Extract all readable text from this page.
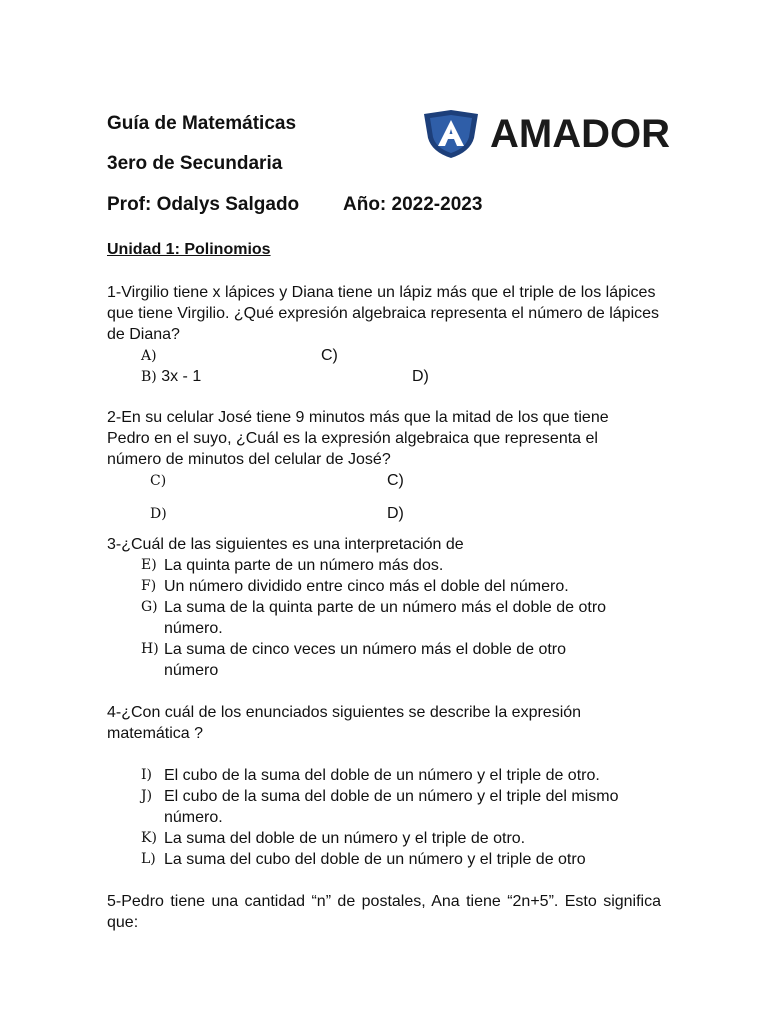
Guía de Matemáticas
3ero de Secundaria
Prof: Odalys Salgado Año: 2022-2023
AMADOR
Unidad 1: Polinomios
1-Virgilio tiene x lápices y Diana tiene un lápiz más que el triple de los lápices que tiene Virgilio. ¿Qué expresión algebraica representa el número de lápices de Diana?
A)	C)
B) 3x - 1	D)
2-En su celular José tiene 9 minutos más que la mitad de los que tiene Pedro en el suyo, ¿Cuál es la expresión algebraica que representa el número de minutos del celular de José?
C)	C)
D)	D)
3-¿Cuál de las siguientes es una interpretación de
E) La quinta parte de un número más dos.
F) Un número dividido entre cinco más el doble del número.
G) La suma de la quinta parte de un número más el doble de otro número.
H) La suma de cinco veces un número más el doble de otro número
4-¿Con cuál de los enunciados siguientes se describe la expresión matemática ?
I) El cubo de la suma del doble de un número y el triple de otro.
J) El cubo de la suma del doble de un número y el triple del mismo número.
K) La suma del doble de un número y el triple de otro.
L) La suma del cubo del doble de un número y el triple de otro
5-Pedro tiene una cantidad “n” de postales, Ana tiene “2n+5”. Esto significa que:
